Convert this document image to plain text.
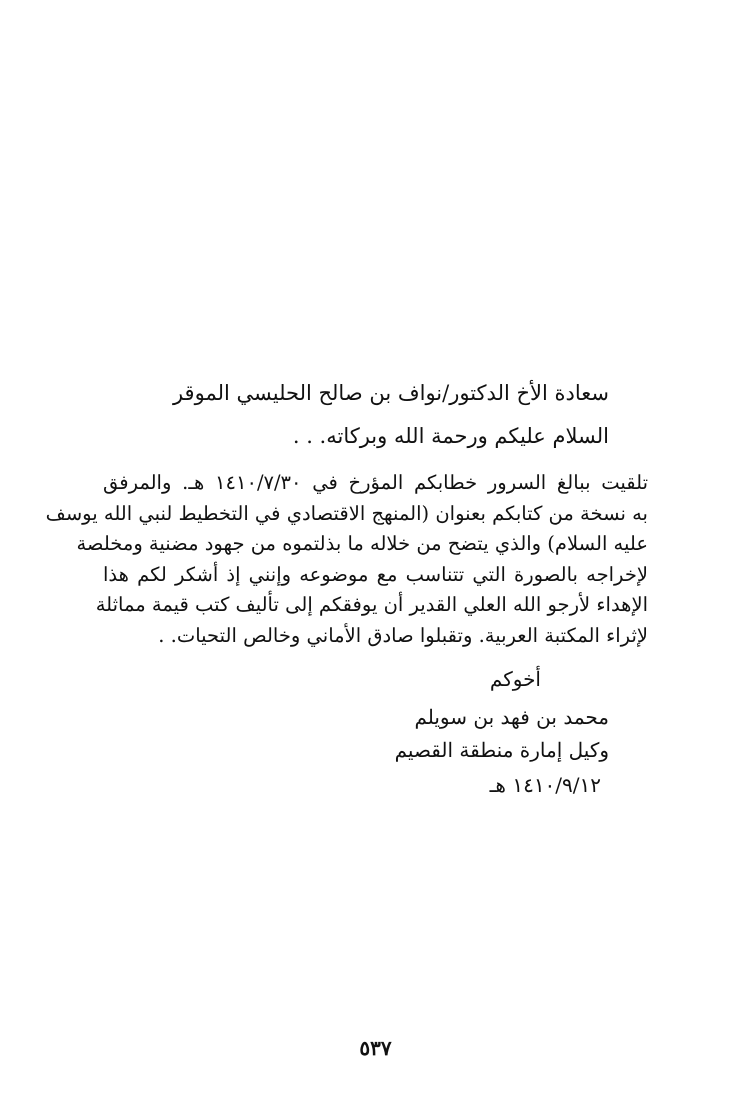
سعادة الأخ الدكتور/نواف بن صالح الحليسي الموقر
السلام عليكم ورحمة الله وبركاته. . .
تلقيت ببالغ السرور خطابكم المؤرخ في ١٤١٠/٧/٣٠ هـ. والمرفق
به نسخة من كتابكم بعنوان (المنهج الاقتصادي في التخطيط لنبي الله يوسف
عليه السلام) والذي يتضح من خلاله ما بذلتموه من جهود مضنية ومخلصة
لإخراجه بالصورة التي تتناسب مع موضوعه وإنني إذ أشكر لكم هذا
الإهداء لأرجو الله العلي القدير أن يوفقكم إلى تأليف كتب قيمة مماثلة
لإثراء المكتبة العربية. وتقبلوا صادق الأماني وخالص التحيات. .
أخوكم
محمد بن فهد بن سويلم
وكيل إمارة منطقة القصيم
١٤١٠/٩/١٢ هـ
٥٣٧
